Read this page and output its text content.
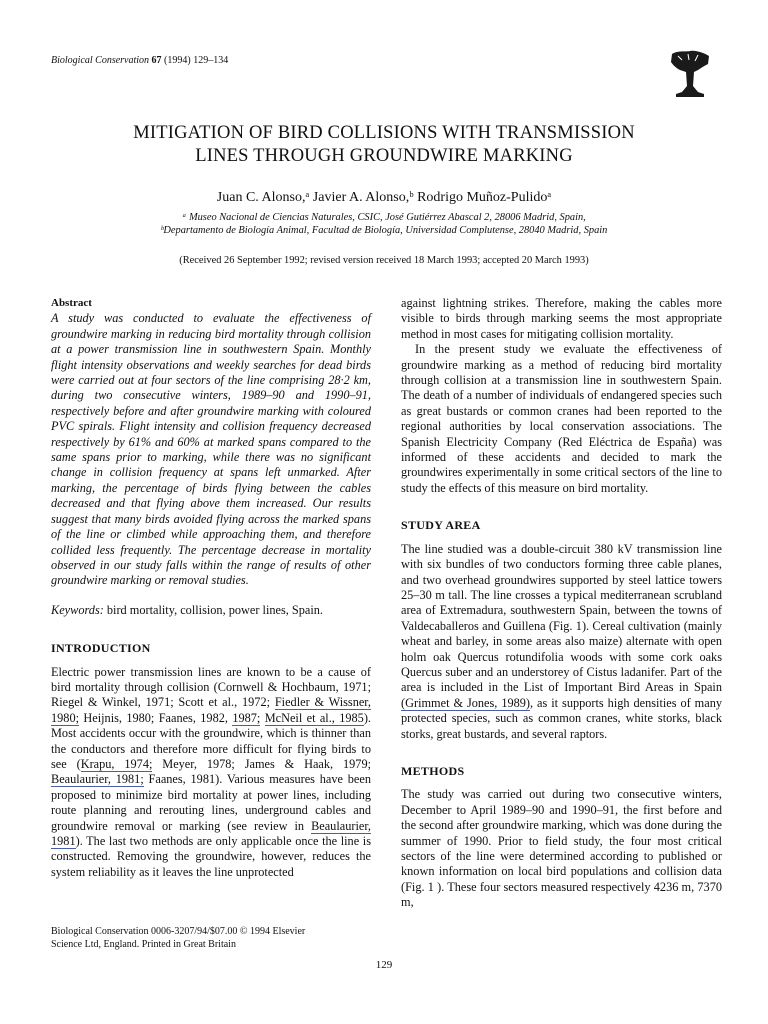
Biological Conservation 67 (1994) 129–134
MITIGATION OF BIRD COLLISIONS WITH TRANSMISSION
LINES THROUGH GROUNDWIRE MARKING
Juan C. Alonso,ᵃ Javier A. Alonso,ᵇ Rodrigo Muñoz-Pulidoᵃ
ᵃ Museo Nacional de Ciencias Naturales, CSIC, José Gutiérrez Abascal 2, 28006 Madrid, Spain,
ᵇDepartamento de Biología Animal, Facultad de Biología, Universidad Complutense, 28040 Madrid, Spain
(Received 26 September 1992; revised version received 18 March 1993; accepted 20 March 1993)

Abstract

A study was conducted to evaluate the effectiveness of groundwire marking in reducing bird mortality through collision at a power transmission line in southwestern Spain. Monthly flight intensity observations and weekly searches for dead birds were carried out at four sectors of the line comprising 28·2 km, during two consecutive winters, 1989–90 and 1990–91, respectively before and after groundwire marking with coloured PVC spirals. Flight intensity and collision frequency decreased respectively by 61% and 60% at marked spans compared to the same spans prior to marking, while there was no significant change in collision frequency at spans left unmarked. After marking, the percentage of birds flying between the cables decreased and that flying above them increased. Our results suggest that many birds avoided flying across the marked spans of the line or climbed while approaching them, and therefore collided less frequently. The percentage decrease in mortality observed in our study falls within the range of results of other groundwire marking or removal studies.

Keywords: bird mortality, collision, power lines, Spain.

INTRODUCTION

Electric power transmission lines are known to be a cause of bird mortality through collision (Cornwell & Hochbaum, 1971; Riegel & Winkel, 1971; Scott et al., 1972; Fiedler & Wissner, 1980; Heijnis, 1980; Faanes, 1982, 1987; McNeil et al., 1985). Most accidents occur with the groundwire, which is thinner than the conductors and therefore more difficult for flying birds to see (Krapu, 1974; Meyer, 1978; James & Haak, 1979; Beaulaurier, 1981; Faanes, 1981). Various measures have been proposed to minimize bird mortality at power lines, including route planning and rerouting lines, underground cables and groundwire removal or marking (see review in Beaulaurier, 1981). The last two methods are only applicable once the line is constructed. Removing the groundwire, however, reduces the system reliability as it leaves the line unprotected

against lightning strikes. Therefore, making the cables more visible to birds through marking seems the most appropriate method in most cases for mitigating collision mortality.

In the present study we evaluate the effectiveness of groundwire marking as a method of reducing bird mortality through collision at a transmission line in southwestern Spain. The death of a number of individuals of endangered species such as great bustards or common cranes had been reported to the regional authorities by local conservation associations. The Spanish Electricity Company (Red Eléctrica de España) was informed of these accidents and decided to mark the groundwires experimentally in some critical sectors of the line to study the effects of this measure on bird mortality.

STUDY AREA

The line studied was a double-circuit 380 kV transmission line with six bundles of two conductors forming three cable planes, and two overhead groundwires supported by steel lattice towers 25–30 m tall. The line crosses a typical mediterranean scrubland area of Extremadura, southwestern Spain, between the towns of Valdecaballeros and Guillena (Fig. 1). Cereal cultivation (mainly wheat and barley, in some areas also maize) alternate with open holm oak Quercus rotundifolia woods with some cork oaks Quercus suber and an understorey of Cistus ladanifer. Part of the area is included in the List of Important Bird Areas in Spain (Grimmet & Jones, 1989), as it supports high densities of many protected species, such as common cranes, white storks, black storks, great bustards, and several raptors.

METHODS

The study was carried out during two consecutive winters, December to April 1989–90 and 1990–91, the first before and the second after groundwire marking, which was done during the summer of 1990. Prior to field study, the four most critical sectors of the line were determined according to published or known information on local bird populations and collision data (Fig. 1 ). These four sectors measured respectively 4236 m, 7370 m,

Biological Conservation 0006-3207/94/$07.00 © 1994 Elsevier
Science Ltd, England. Printed in Great Britain
129
